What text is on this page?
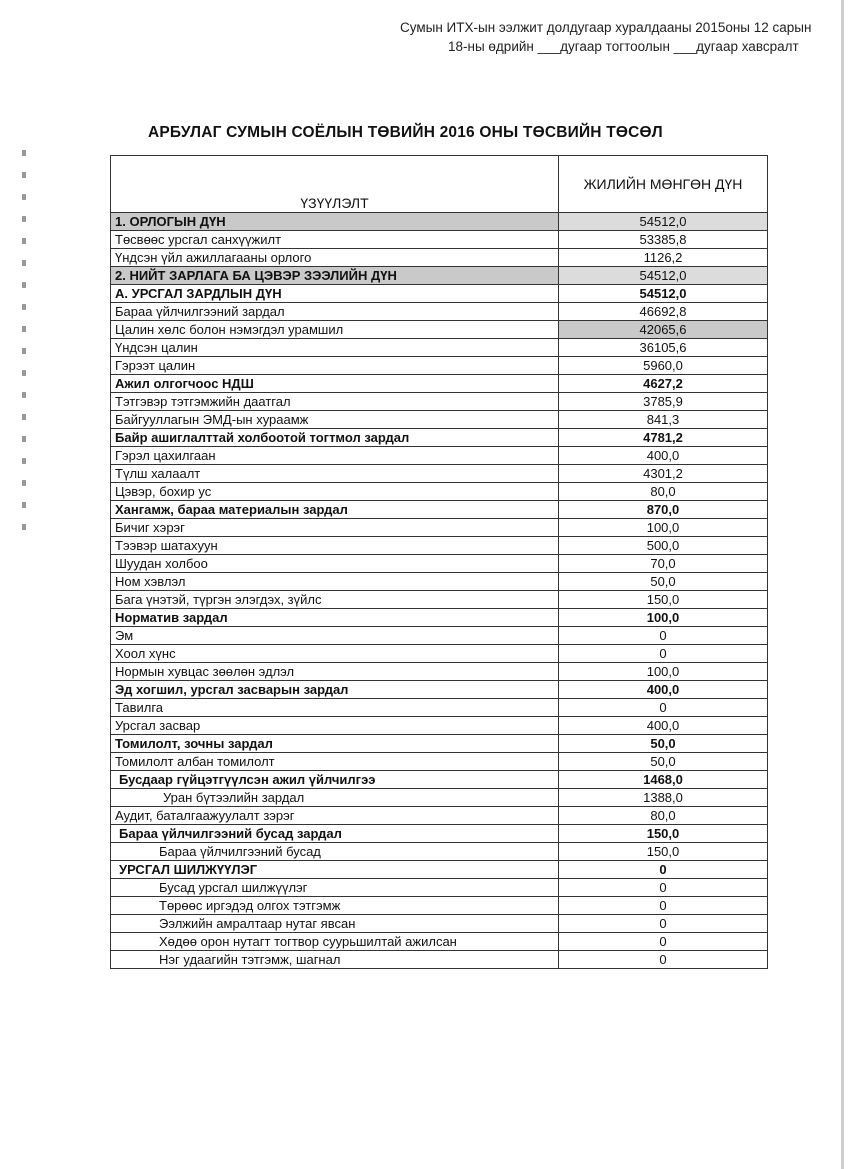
Сумын ИТХ-ын ээлжит долдугаар хуралдааны 2015оны 12 сарын
18-ны өдрийн ___дугаар тогтоолын ___дугаар хавсралт
АРБУЛАГ СУМЫН СОЁЛЫН ТӨВИЙН 2016 ОНЫ ТӨСВИЙН ТӨСӨЛ
ҮЗҮҮЛЭЛТ	ЖИЛИЙН МӨНГӨН ДҮН
1. ОРЛОГЫН ДҮН	54512,0
Төсвөөс урсгал санхүүжилт	53385,8
Үндсэн үйл ажиллагааны орлого	1126,2
2. НИЙТ ЗАРЛАГА БА ЦЭВЭР ЗЭЭЛИЙН ДҮН	54512,0
А. УРСГАЛ ЗАРДЛЫН ДҮН	54512,0
Бараа үйлчилгээний зардал	46692,8
Цалин хөлс болон нэмэгдэл урамшил	42065,6
Үндсэн цалин	36105,6
Гэрээт цалин	5960,0
Ажил олгогчоос НДШ	4627,2
Тэтгэвэр тэтгэмжийн даатгал	3785,9
Байгууллагын ЭМД-ын хураамж	841,3
Байр ашиглалттай холбоотой тогтмол зардал	4781,2
Гэрэл цахилгаан	400,0
Түлш халаалт	4301,2
Цэвэр, бохир ус	80,0
Хангамж, бараа материалын зардал	870,0
Бичиг хэрэг	100,0
Тээвэр шатахуун	500,0
Шуудан холбоо	70,0
Ном хэвлэл	50,0
Бага үнэтэй, түргэн элэгдэх, зүйлс	150,0
Норматив зардал	100,0
Эм	0
Хоол хүнс	0
Нормын хувцас зөөлөн эдлэл	100,0
Эд хогшил, урсгал засварын зардал	400,0
Тавилга	0
Урсгал засвар	400,0
Томилолт, зочны зардал	50,0
Томилолт албан томилолт	50,0
Бусдаар гүйцэтгүүлсэн ажил үйлчилгээ	1468,0
Уран бүтээлийн зардал	1388,0
Аудит, баталгаажуулалт зэрэг	80,0
Бараа үйлчилгээний бусад зардал	150,0
Бараа үйлчилгээний бусад	150,0
УРСГАЛ ШИЛЖҮҮЛЭГ	0
Бусад урсгал шилжүүлэг	0
Төрөөс иргэдэд олгох тэтгэмж	0
Ээлжийн амралтаар нутаг явсан	0
Хөдөө орон нутагт тогтвор суурьшилтай ажилсан	0
Нэг удаагийн тэтгэмж, шагнал	0
